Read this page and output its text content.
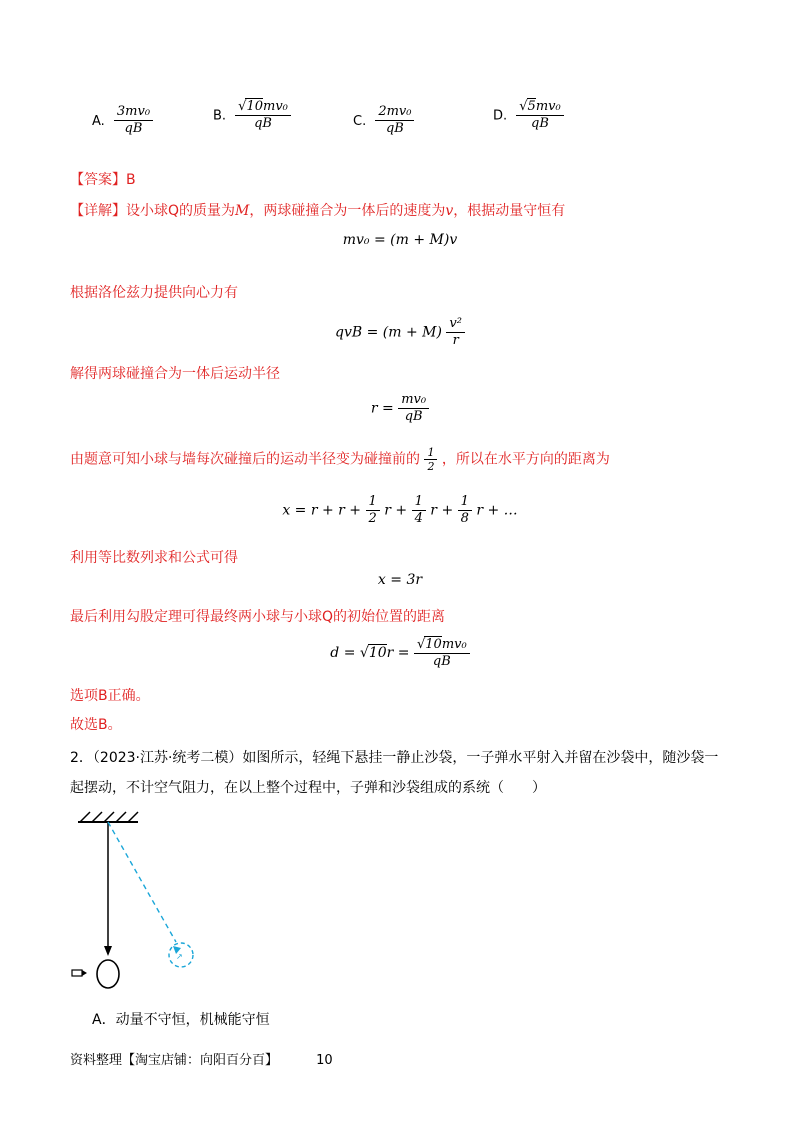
A. $\frac{\text{3mv₀}}{qB}$	B. $\frac{\text{√10mv₀}}{qB}$	C. $\frac{\text{2mv₀}}{qB}$	D. $\frac{\text{√5mv₀}}{qB}$
【答案】B
【详解】设小球Q的质量为M，两球碰撞合为一体后的速度为v，根据动量守恒有
mv₀ = (m + M)v
根据洛伦兹力提供向心力有
qvB = $(m + M) \frac{\text{v²}}{r}$
解得两球碰撞合为一体后运动半径
$r = \frac{\text{mv₀}}{qB}$
由题意可知小球与墙每次碰撞后的运动半径变为碰撞前的 $\frac{1}{2}$ ，所以在水平方向的距离为
$x = r + r + \frac{1}{2}$ $r + \frac{1}{4}$ $r + \frac{1}{8}$ r + …
利用等比数列求和公式可得
x = 3r
最后利用勾股定理可得最终两小球与小球Q的初始位置的距离
$d = √10r = \frac{\text{√10mv₀}}{qB}$
选项B正确。
故选B。
2．（2023·江苏·统考二模）如图所示，轻绳下悬挂一静止沙袋，一子弹水平射入并留在沙袋中，随沙袋一
起摆动，不计空气阻力，在以上整个过程中，子弹和沙袋组成的系统（　　）
↗
A．动量不守恒，机械能守恒
资料整理【淘宝店铺：向阳百分百】	10
